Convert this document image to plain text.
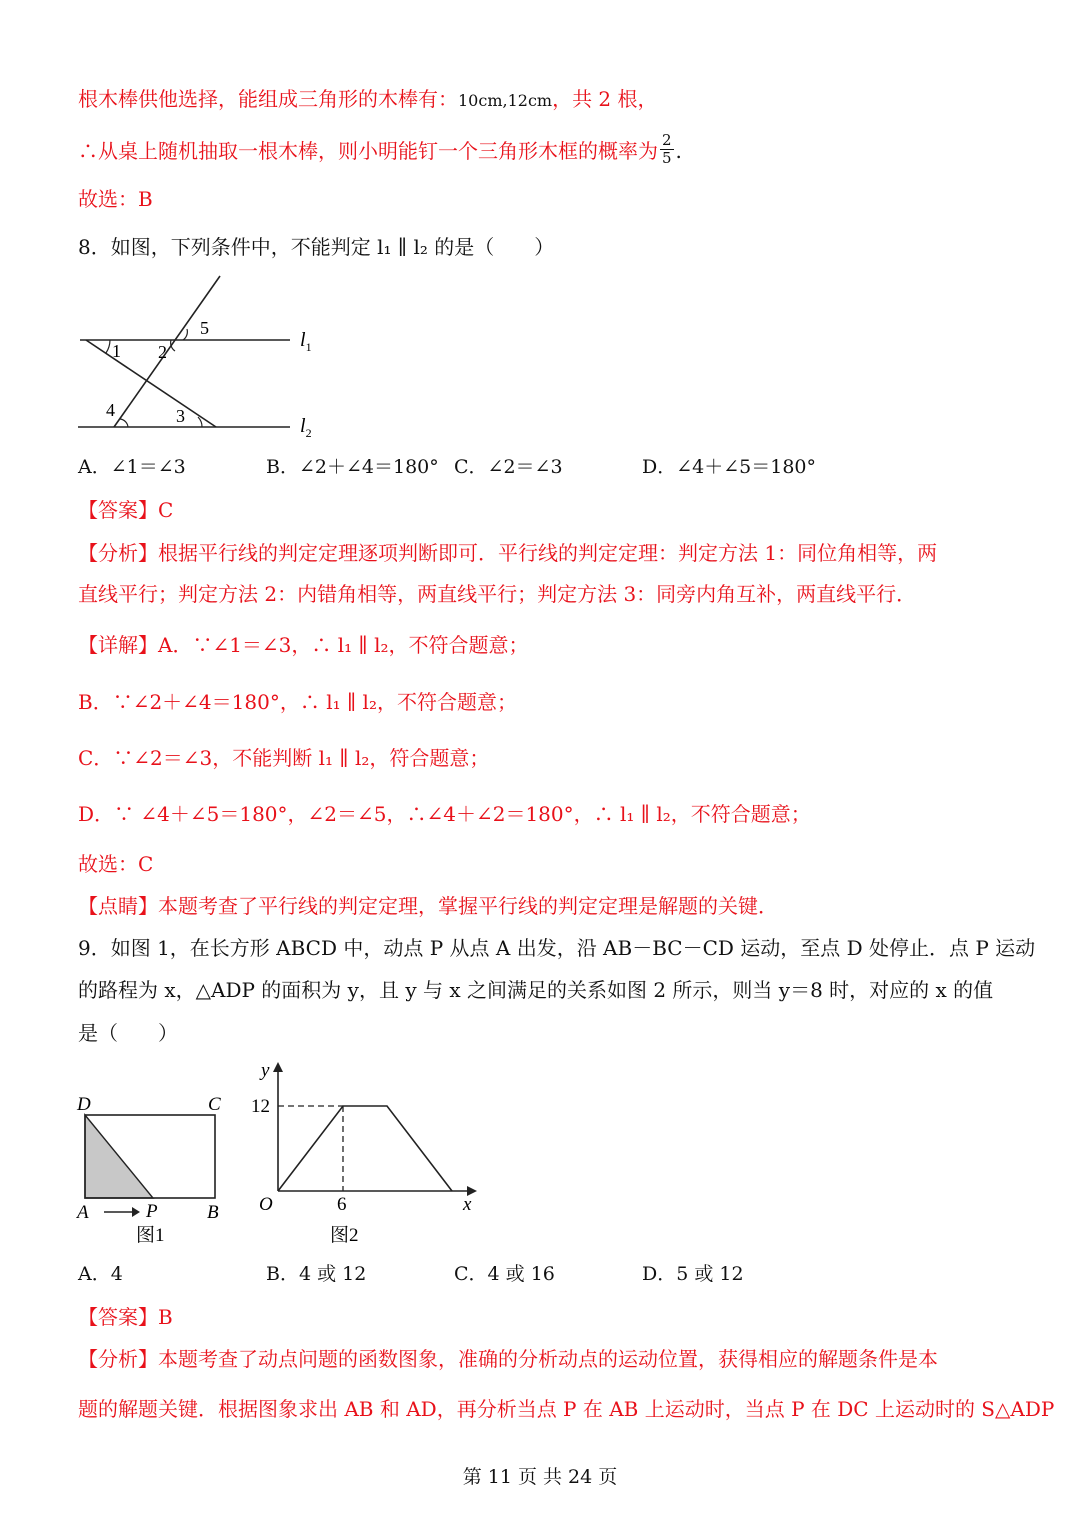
根木棒供他选择，能组成三角形的木棒有：10cm,12cm，共 2 根，
∴从桌上随机抽取一根木棒，则小明能钉一个三角形木框的概率为 $\frac{2}{5}$ .
故选：B
8．如图，下列条件中，不能判定 l₁ ∥ l₂ 的是（　　）
5
1 2
4	3
$l_1$
$l_2$
A．∠1＝∠3	B．∠2＋∠4＝180° C．∠2＝∠3	D．∠4＋∠5＝180°
【答案】C
【分析】根据平行线的判定定理逐项判断即可．平行线的判定定理：判定方法 1：同位角相等，两
直线平行；判定方法 2：内错角相等，两直线平行；判定方法 3：同旁内角互补，两直线平行．
【详解】A．∵∠1＝∠3，∴ l₁ ∥ l₂，不符合题意；
B．∵∠2＋∠4＝180°，∴ l₁ ∥ l₂，不符合题意；
C．∵∠2＝∠3，不能判断 l₁ ∥ l₂，符合题意；
D．∵ ∠4＋∠5＝180°，∠2＝∠5，∴∠4＋∠2＝180°，∴ l₁ ∥ l₂，不符合题意；
故选：C
【点睛】本题考查了平行线的判定定理，掌握平行线的判定定理是解题的关键．
9．如图 1，在长方形 ABCD 中，动点 P 从点 A 出发，沿 AB－BC－CD 运动，至点 D 处停止．点 P 运动
的路程为 x，△ADP 的面积为 y，且 y 与 x 之间满足的关系如图 2 所示，则当 y＝8 时，对应的 x 的值
是（　　）
D	C
A	P	B
图1
y
12
O	6	x
图2
A．4	B．4 或 12	C．4 或 16	D．5 或 12
【答案】B
【分析】本题考查了动点问题的函数图象，准确的分析动点的运动位置，获得相应的解题条件是本
题的解题关键．根据图象求出 AB 和 AD，再分析当点 P 在 AB 上运动时，当点 P 在 DC 上运动时的 S△ADP
第 11 页 共 24 页
